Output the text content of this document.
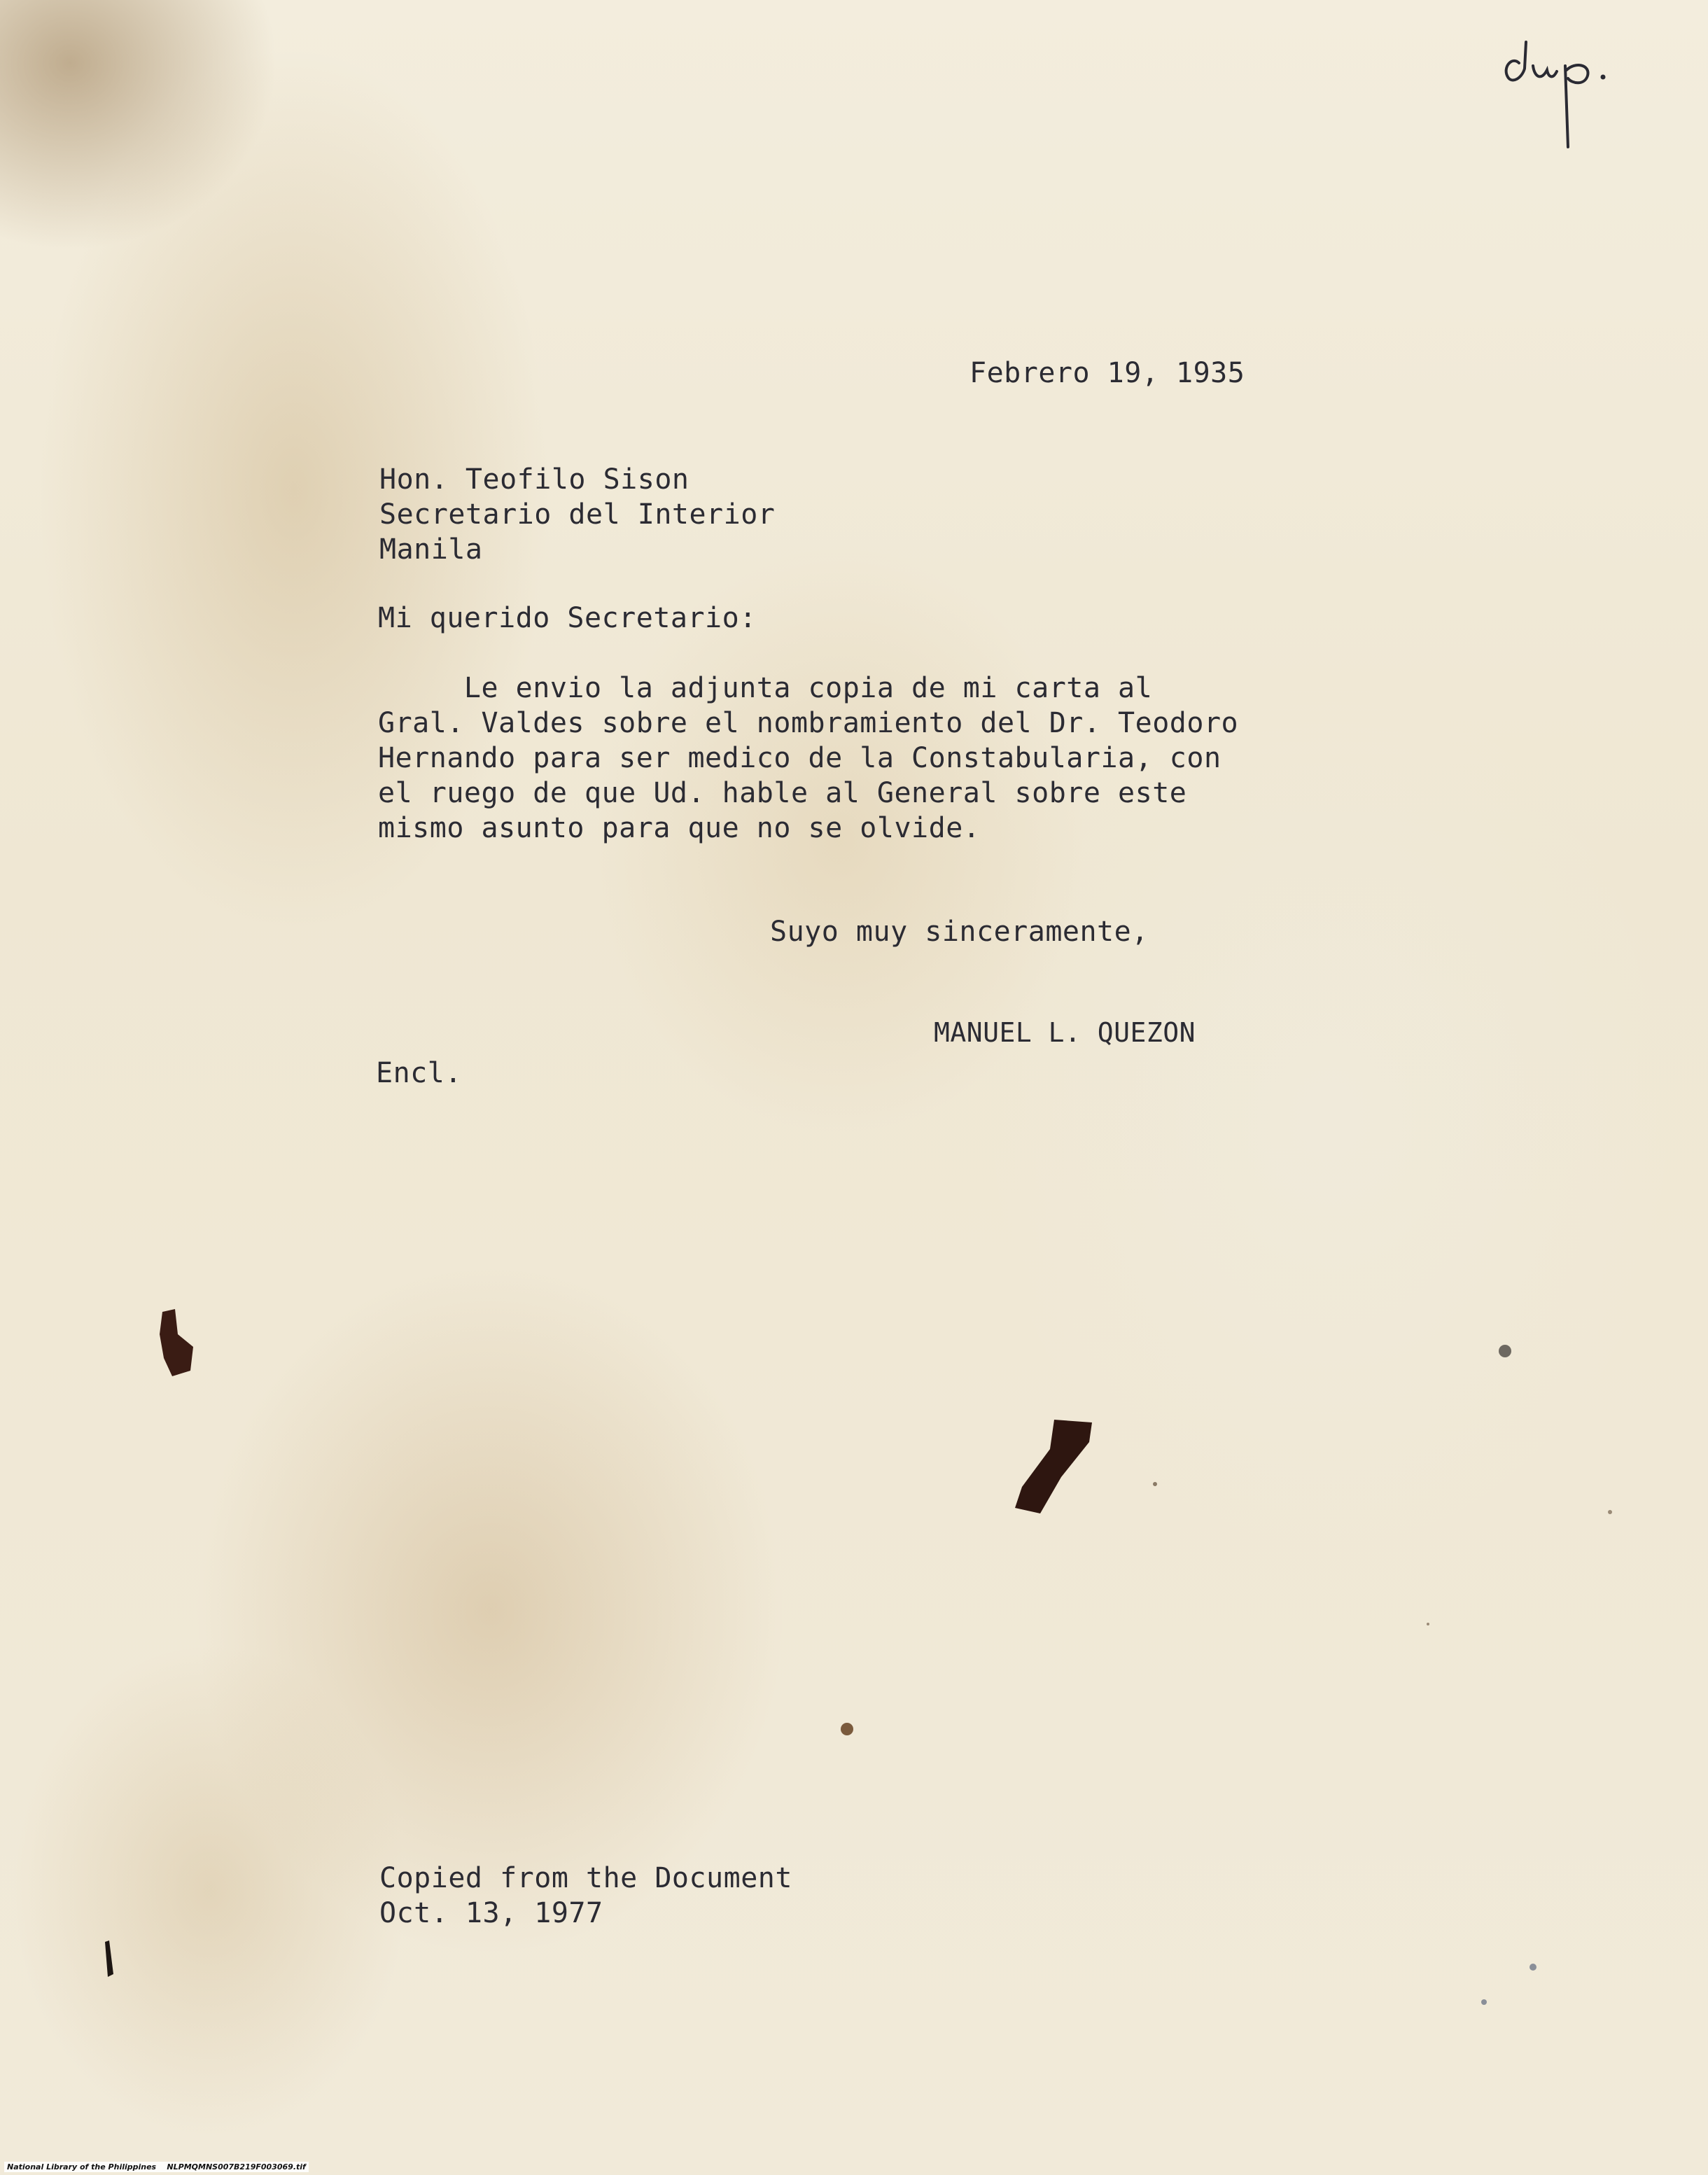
Febrero 19, 1935
Hon. Teofilo Sison
Secretario del Interior
Manila
Mi querido Secretario:
Le envio la adjunta copia de mi carta al
Gral. Valdes sobre el nombramiento del Dr. Teodoro
Hernando para ser medico de la Constabularia, con
el ruego de que Ud. hable al General sobre este
mismo asunto para que no se olvide.
Suyo muy sinceramente,
MANUEL L. QUEZON
Encl.
Copied from the Document
Oct. 13, 1977
National Library of the Philippines    NLPMQMNS007B219F003069.tif
